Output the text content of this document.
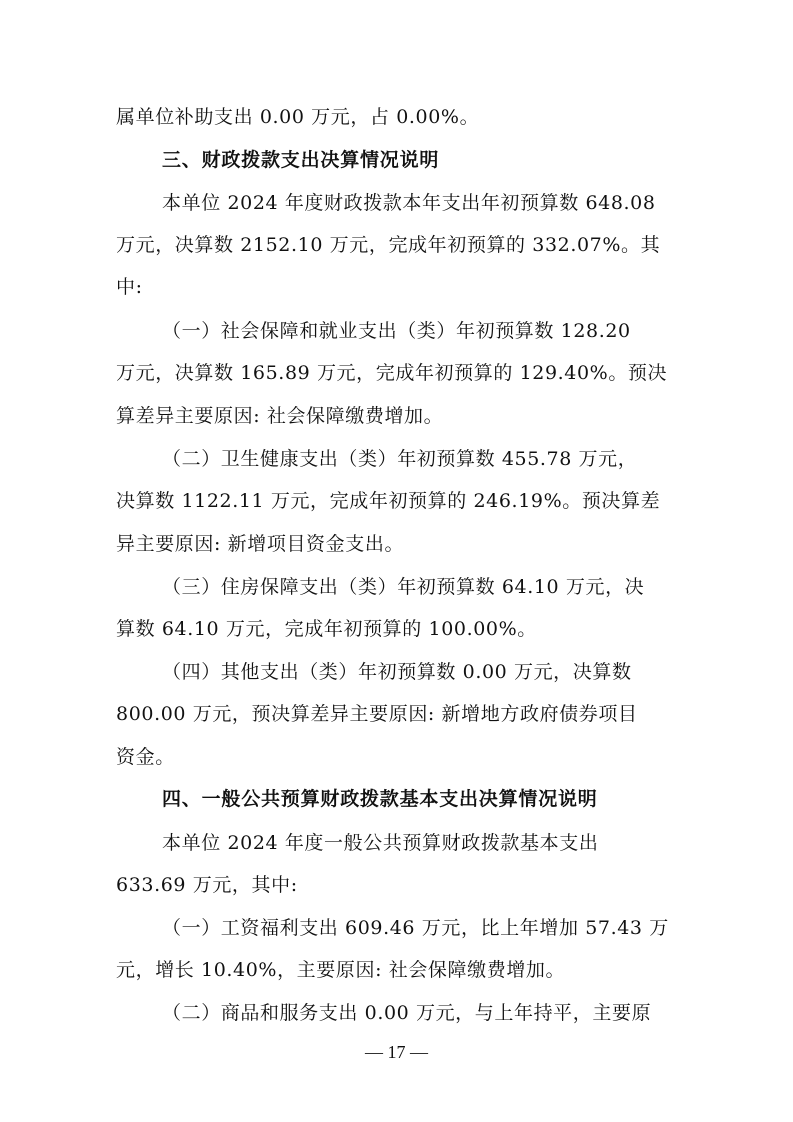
属单位补助支出 0.00 万元，占 0.00%。
三、财政拨款支出决算情况说明
本单位 2024 年度财政拨款本年支出年初预算数 648.08
万元，决算数 2152.10 万元，完成年初预算的 332.07%。其
中:
（一）社会保障和就业支出（类）年初预算数 128.20
万元，决算数 165.89 万元，完成年初预算的 129.40%。预决
算差异主要原因: 社会保障缴费增加。
（二）卫生健康支出（类）年初预算数 455.78 万元，
决算数 1122.11 万元，完成年初预算的 246.19%。预决算差
异主要原因: 新增项目资金支出。
（三）住房保障支出（类）年初预算数 64.10 万元，决
算数 64.10 万元，完成年初预算的 100.00%。
（四）其他支出（类）年初预算数 0.00 万元，决算数
800.00 万元，预决算差异主要原因: 新增地方政府债券项目
资金。
四、一般公共预算财政拨款基本支出决算情况说明
本单位 2024 年度一般公共预算财政拨款基本支出
633.69 万元，其中:
（一）工资福利支出 609.46 万元，比上年增加 57.43 万
元，增长 10.40%，主要原因: 社会保障缴费增加。
（二）商品和服务支出 0.00 万元，与上年持平，主要原
— 17 —
